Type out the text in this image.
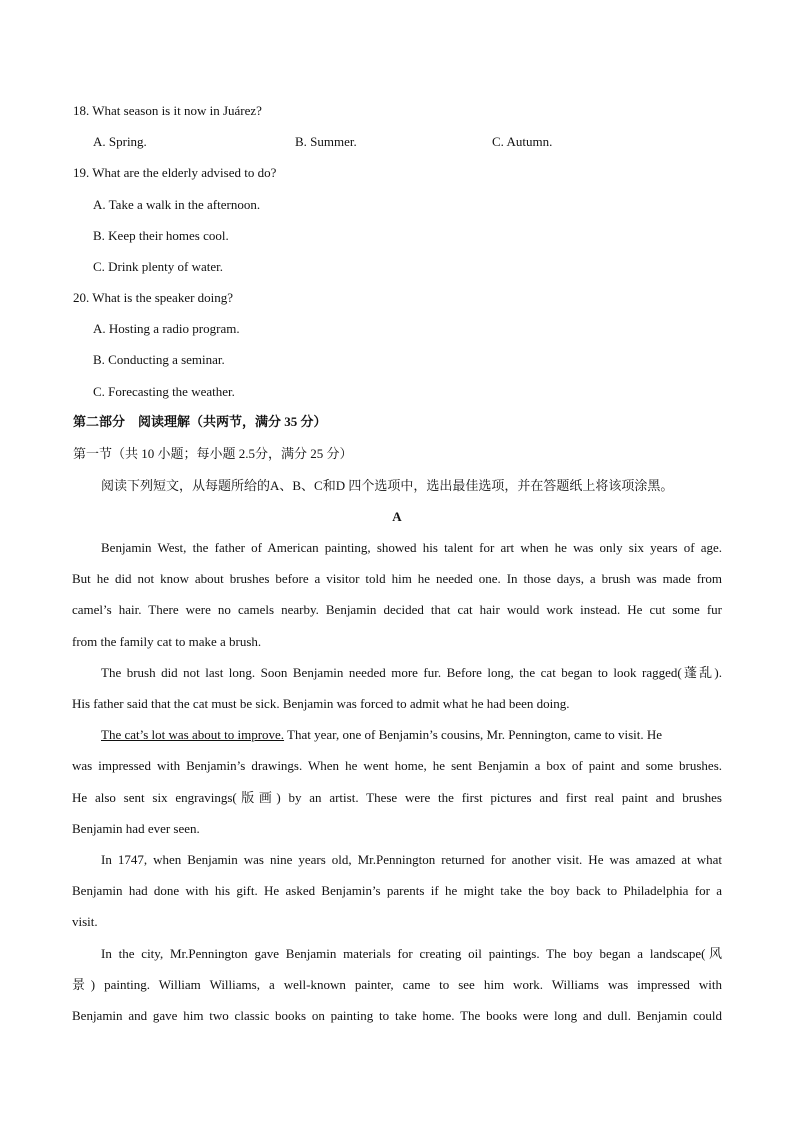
18. What season is it now in Juárez?
A. Spring.	B. Summer.	C. Autumn.
19. What are the elderly advised to do?
A. Take a walk in the afternoon.
B. Keep their homes cool.
C. Drink plenty of water.
20. What is the speaker doing?
A. Hosting a radio program.
B. Conducting a seminar.
C. Forecasting the weather.
第二部分　阅读理解（共两节，满分 35 分）
第一节（共 10 小题；每小题 2.5分，满分 25 分）
阅读下列短文，从每题所给的A、B、C和D 四个选项中，选出最佳选项，并在答题纸上将该项涂黑。
A
Benjamin West, the father of American painting, showed his talent for art when he was only six years of age.
But he did not know about brushes before a visitor told him he needed one. In those days, a brush was made from
camel’s hair. There were no camels nearby. Benjamin decided that cat hair would work instead. He cut some fur
from the family cat to make a brush.
The brush did not last long. Soon Benjamin needed more fur. Before long, the cat began to look ragged(蓬乱).
His father said that the cat must be sick. Benjamin was forced to admit what he had been doing.
The cat’s lot was about to improve. That year, one of Benjamin’s cousins, Mr. Pennington, came to visit. He
was impressed with Benjamin’s drawings. When he went home, he sent Benjamin a box of paint and some brushes.
He also sent six engravings(版画) by an artist. These were the first pictures and first real paint and brushes
Benjamin had ever seen.
In 1747, when Benjamin was nine years old, Mr.Pennington returned for another visit. He was amazed at what
Benjamin had done with his gift. He asked Benjamin’s parents if he might take the boy back to Philadelphia for a
visit.
In the city, Mr.Pennington gave Benjamin materials for creating oil paintings. The boy began a landscape(风
景) painting. William Williams, a well-known painter, came to see him work. Williams was impressed with
Benjamin and gave him two classic books on painting to take home. The books were long and dull. Benjamin could
